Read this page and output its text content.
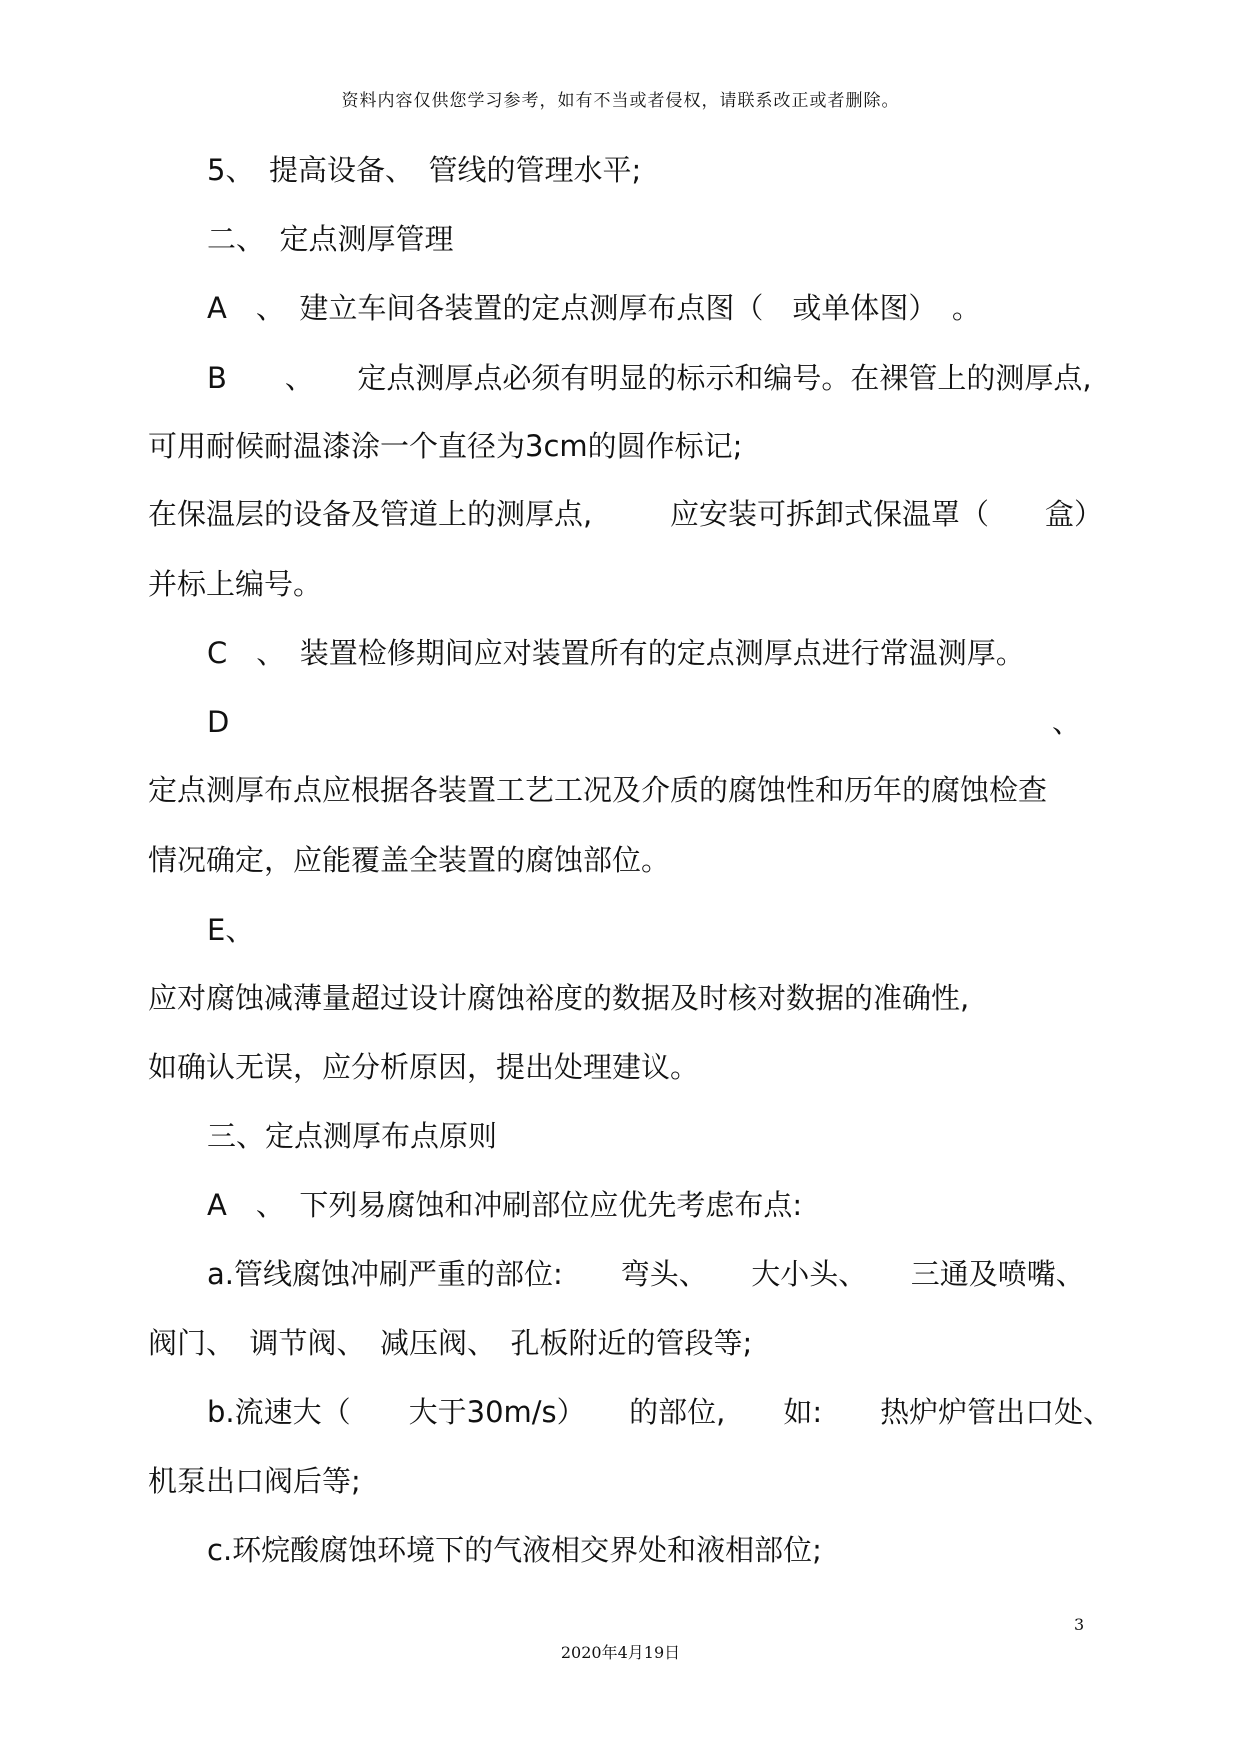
资料内容仅供您学习参考，如有不当或者侵权，请联系改正或者删除。
5、　提高设备、　管线的管理水平;
二、　定点测厚管理
A　、　建立车间各装置的定点测厚布点图（　或单体图）　。
B　　、　　定点测厚点必须有明显的标示和编号。在裸管上的测厚点,
可用耐候耐温漆涂一个直径为3cm的圆作标记;
在保温层的设备及管道上的测厚点,	应安装可拆卸式保温罩（ 盒）
并标上编号。
C　、　装置检修期间应对装置所有的定点测厚点进行常温测厚。
D	、
定点测厚布点应根据各装置工艺工况及介质的腐蚀性和历年的腐蚀检查
情况确定，应能覆盖全装置的腐蚀部位。
E、
应对腐蚀减薄量超过设计腐蚀裕度的数据及时核对数据的准确性,
如确认无误，应分析原因，提出处理建议。
三、定点测厚布点原则
A　、　下列易腐蚀和冲刷部位应优先考虑布点:
a.管线腐蚀冲刷严重的部位:　　弯头、　　大小头、　　三通及喷嘴、
阀门、　调节阀、　减压阀、　孔板附近的管段等;
b.流速大（　　大于30m/s）　　的部位,　　如:　　热炉炉管出口处、
机泵出口阀后等;
c.环烷酸腐蚀环境下的气液相交界处和液相部位;
3
2020年4月19日
